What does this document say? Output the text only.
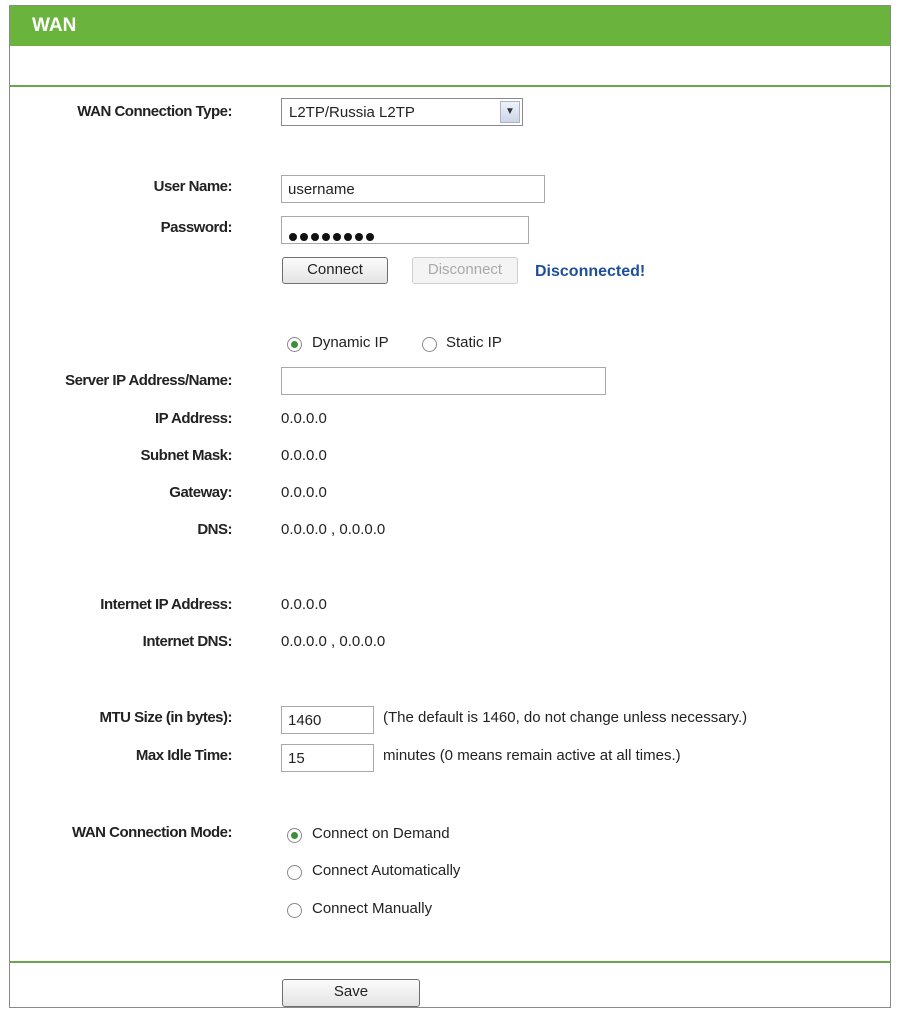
WAN
WAN Connection Type:	L2TP/Russia L2TP	▼
User Name:	username
Password:
Connect	Disconnect	Disconnected!
Dynamic IP	Static IP
Server IP Address/Name:
IP Address:	0.0.0.0
Subnet Mask:	0.0.0.0
Gateway:	0.0.0.0
DNS:	0.0.0.0 , 0.0.0.0
Internet IP Address:	0.0.0.0
Internet DNS:	0.0.0.0 , 0.0.0.0
MTU Size (in bytes):	1460	(The default is 1460, do not change unless necessary.)
Max Idle Time:	15	minutes (0 means remain active at all times.)
WAN Connection Mode:	Connect on Demand
Connect Automatically
Connect Manually
Save
